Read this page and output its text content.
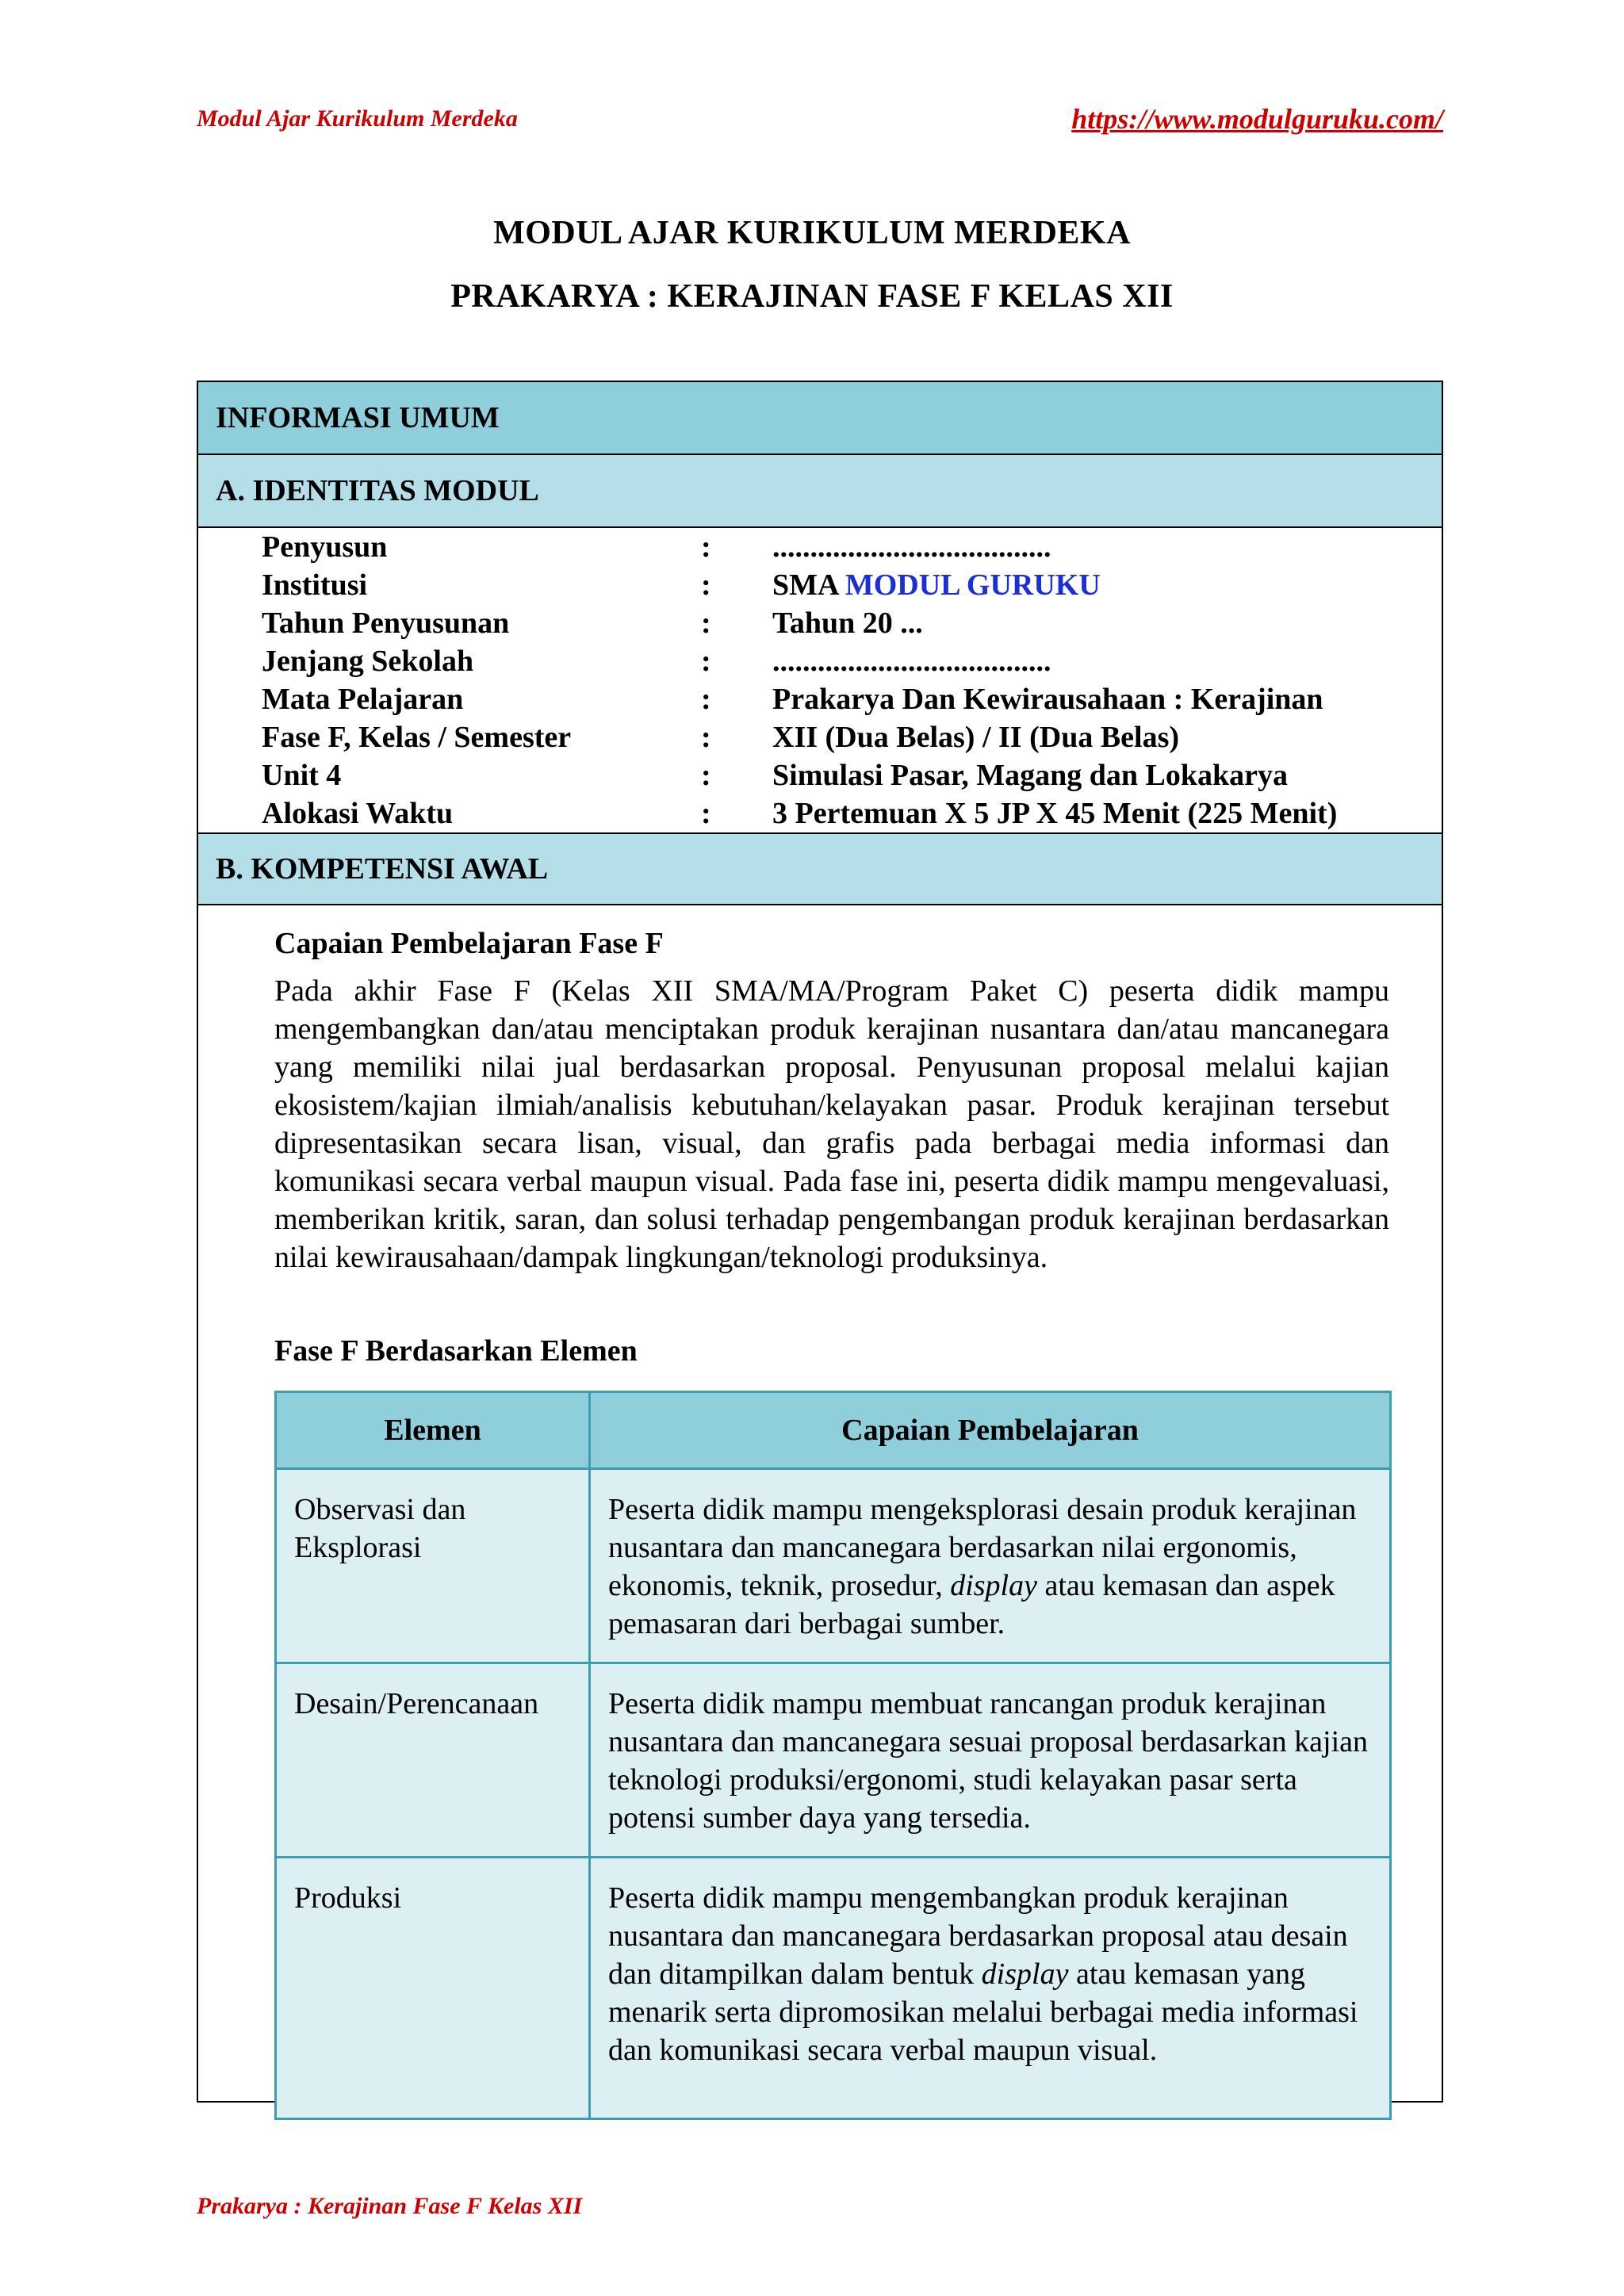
Modul Ajar Kurikulum Merdeka	https://www.modulguruku.com/
MODUL AJAR KURIKULUM MERDEKA
PRAKARYA : KERAJINAN FASE F KELAS XII
INFORMASI UMUM
A. IDENTITAS MODUL
Penyusun	: .....................................
Institusi	: SMA MODUL GURUKU
Tahun Penyusunan	: Tahun 20 ...
Jenjang Sekolah	: .....................................
Mata Pelajaran	: Prakarya Dan Kewirausahaan : Kerajinan
Fase F, Kelas / Semester	: XII (Dua Belas) / II (Dua Belas)
Unit 4	: Simulasi Pasar, Magang dan Lokakarya
Alokasi Waktu	: 3 Pertemuan X 5 JP X 45 Menit (225 Menit)
B. KOMPETENSI AWAL
Capaian Pembelajaran Fase F
Pada akhir Fase F (Kelas XII SMA/MA/Program Paket C) peserta didik mampu mengembangkan dan/atau menciptakan produk kerajinan nusantara dan/atau mancanegara yang memiliki nilai jual berdasarkan proposal. Penyusunan proposal melalui kajian ekosistem/kajian ilmiah/analisis kebutuhan/kelayakan pasar. Produk kerajinan tersebut dipresentasikan secara lisan, visual, dan grafis pada berbagai media informasi dan komunikasi secara verbal maupun visual. Pada fase ini, peserta didik mampu mengevaluasi, memberikan kritik, saran, dan solusi terhadap pengembangan produk kerajinan berdasarkan nilai kewirausahaan/dampak lingkungan/teknologi produksinya.
Fase F Berdasarkan Elemen
Elemen	Capaian Pembelajaran
Observasi dan Eksplorasi	Peserta didik mampu mengeksplorasi desain produk kerajinan nusantara dan mancanegara berdasarkan nilai ergonomis, ekonomis, teknik, prosedur, display atau kemasan dan aspek pemasaran dari berbagai sumber.
Desain/Perencanaan	Peserta didik mampu membuat rancangan produk kerajinan nusantara dan mancanegara sesuai proposal berdasarkan kajian teknologi produksi/ergonomi, studi kelayakan pasar serta potensi sumber daya yang tersedia.
Produksi	Peserta didik mampu mengembangkan produk kerajinan nusantara dan mancanegara berdasarkan proposal atau desain dan ditampilkan dalam bentuk display atau kemasan yang menarik serta dipromosikan melalui berbagai media informasi dan komunikasi secara verbal maupun visual.
Prakarya : Kerajinan Fase F Kelas XII
